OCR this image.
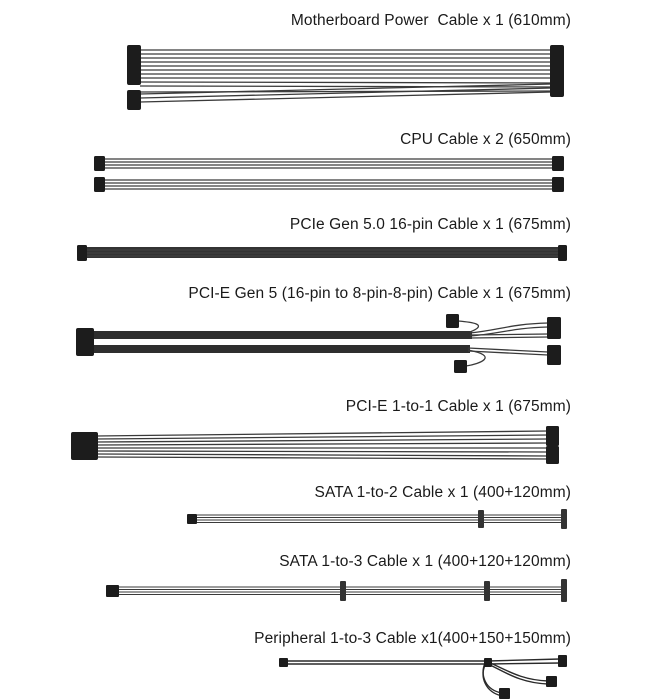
Motherboard Power  Cable x 1 (610mm)
CPU Cable x 2 (650mm)
PCIe Gen 5.0 16-pin Cable x 1 (675mm)
PCI-E Gen 5 (16-pin to 8-pin-8-pin) Cable x 1 (675mm)
PCI-E 1-to-1 Cable x 1 (675mm)
SATA 1-to-2 Cable x 1 (400+120mm)
SATA 1-to-3 Cable x 1 (400+120+120mm)
Peripheral 1-to-3 Cable x1(400+150+150mm)
